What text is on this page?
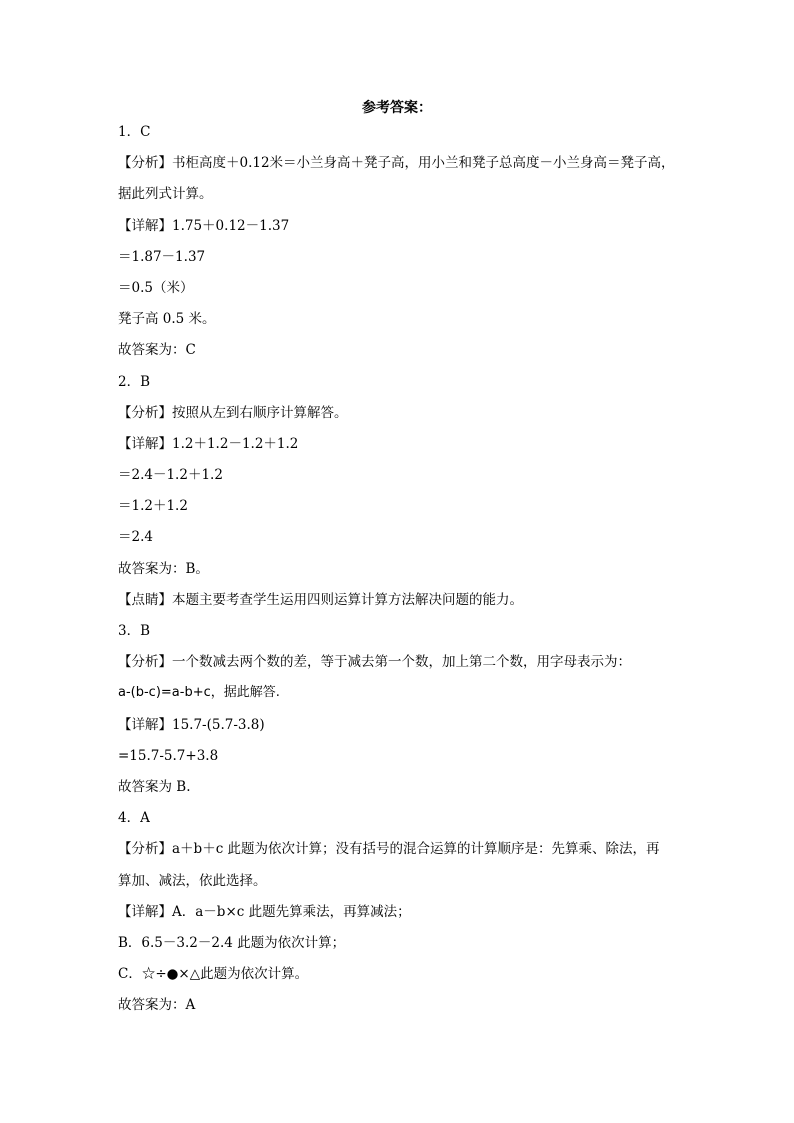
参考答案：
1．C
【分析】书柜高度＋0.12米＝小兰身高＋凳子高，用小兰和凳子总高度－小兰身高＝凳子高，
据此列式计算。
【详解】1.75＋0.12－1.37
＝1.87－1.37
＝0.5（米）
凳子高 0.5 米。
故答案为：C
2．B
【分析】按照从左到右顺序计算解答。
【详解】1.2＋1.2－1.2＋1.2
＝2.4－1.2＋1.2
＝1.2＋1.2
＝2.4
故答案为：B。
【点睛】本题主要考查学生运用四则运算计算方法解决问题的能力。
3．B
【分析】一个数减去两个数的差，等于减去第一个数，加上第二个数，用字母表示为：
a-(b-c)=a-b+c，据此解答.
【详解】15.7-(5.7-3.8)
=15.7-5.7+3.8
故答案为 B.
4．A
【分析】a＋b＋c 此题为依次计算；没有括号的混合运算的计算顺序是：先算乘、除法，再
算加、减法，依此选择。
【详解】A．a－b×c 此题先算乘法，再算减法；
B．6.5－3.2－2.4 此题为依次计算；
C．☆÷●×△此题为依次计算。
故答案为：A
